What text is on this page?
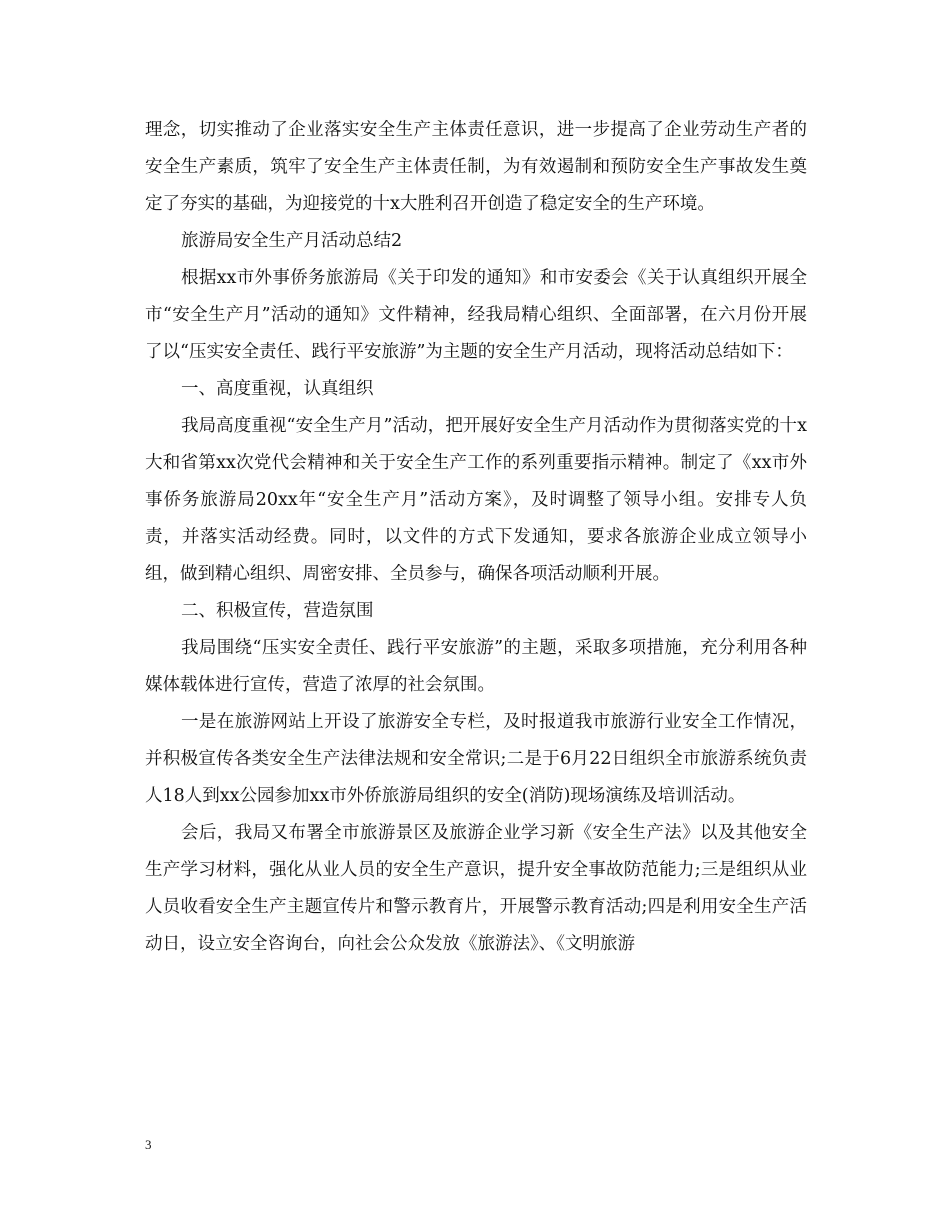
理念，切实推动了企业落实安全生产主体责任意识，进一步提高了企业劳动生产者的安全生产素质，筑牢了安全生产主体责任制，为有效遏制和预防安全生产事故发生奠定了夯实的基础，为迎接党的十x大胜利召开创造了稳定安全的生产环境。

旅游局安全生产月活动总结2

根据xx市外事侨务旅游局《关于印发的通知》和市安委会《关于认真组织开展全市“安全生产月”活动的通知》文件精神，经我局精心组织、全面部署，在六月份开展了以“压实安全责任、践行平安旅游”为主题的安全生产月活动，现将活动总结如下：

一、高度重视，认真组织

我局高度重视“安全生产月”活动，把开展好安全生产月活动作为贯彻落实党的十x大和省第xx次党代会精神和关于安全生产工作的系列重要指示精神。制定了《xx市外事侨务旅游局20xx年“安全生产月”活动方案》，及时调整了领导小组。安排专人负责，并落实活动经费。同时，以文件的方式下发通知，要求各旅游企业成立领导小组，做到精心组织、周密安排、全员参与，确保各项活动顺利开展。

二、积极宣传，营造氛围

我局围绕“压实安全责任、践行平安旅游”的主题，采取多项措施，充分利用各种媒体载体进行宣传，营造了浓厚的社会氛围。

一是在旅游网站上开设了旅游安全专栏，及时报道我市旅游行业安全工作情况，并积极宣传各类安全生产法律法规和安全常识;二是于6月22日组织全市旅游系统负责人18人到xx公园参加xx市外侨旅游局组织的安全(消防)现场演练及培训活动。

会后，我局又布署全市旅游景区及旅游企业学习新《安全生产法》以及其他安全生产学习材料，强化从业人员的安全生产意识，提升安全事故防范能力;三是组织从业人员收看安全生产主题宣传片和警示教育片，开展警示教育活动;四是利用安全生产活动日，设立安全咨询台，向社会公众发放《旅游法》、《文明旅游

3
